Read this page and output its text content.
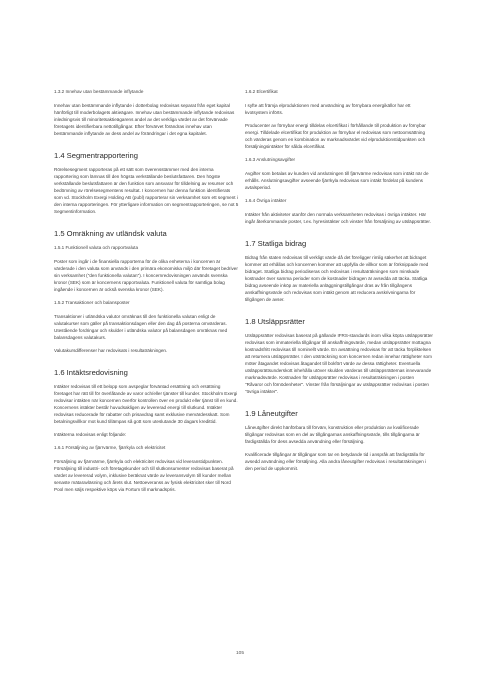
1.3.2 Innehav utan bestämmande inflytande
Innehav utan bestämmande inflytande i dotterbolag redovisas separat från eget kapital hänförligt till moderbolagets aktieägare. Innehav utan bestämmande inflytande redovisas inledningsvis till minoritetsaktieägarens andel av det verkliga värdet av det förvärvade företagets identifierbara nettotillgångar. Efter förvärvet förändras innehav utan bestämmande inflytande av dess andel av förändringar i det egna kapitalet.
1.4 Segmentrapportering
Rörelsesegment rapporteras på ett sätt som överensstämmer med den interna rapportering som lämnas till den högsta verkställande beslutsfattaren. Den högste verkställande beslutsfattaren är den funktion som ansvarar för tilldelning av resurser och bedömning av rörelsesegmentens resultat. I koncernen har denna funktion identifierats som vd. Stockholm Exergi Holding AB (publ) rapporterar sin verksamhet som ett segment i den interna rapporteringen. För ytterligare information om segmentrapporteringen, se not 5 Segmentinformation.
1.5 Omräkning av utländsk valuta
1.5.1 Funktionell valuta och rapportvaluta
Poster som ingår i de finansiella rapporterna för de olika enheterna i koncernen är värderade i den valuta som används i den primära ekonomiska miljö där företaget bedriver sin verksamhet ("den funktionella valutan"). I koncernredovisningen används svenska kronor (SEK) som är koncernens rapportvaluta. Funktionell valuta för samtliga bolag ingående i koncernen är också svenska kronor (SEK).
1.5.2 Transaktioner och balansposter
Transaktioner i utländska valutor omräknas till den funktionella valutan enligt de valutakurser som gäller på transaktionsdagen eller den dag då posterna omvärderas. Utestående fordringar och skulder i utländska valutor på balansdagen omräknas med balansdagens valutakurs.
Valutakursdifferenser har redovisats i resultaträkningen.
1.6 Intäktsredovisning
Intäkter redovisas till ett belopp som avspeglar förväntad ersättning och ersättning företaget har rätt till för överlåtande av varor och/eller tjänster till kunder. Stockholm Exergi redovisar intäkten när koncernen överför kontrollen över en produkt eller tjänst till en kund. Koncernens intäkter består huvudsakligen av levererad energi till slutkund. Intäkter redovisas reducerade för rabatter och prisavdrag samt exklusive mervärdesskatt. Som betalningsvillkor mot kund tillämpas så gott som uteslutande 30 dagars kredittid.
Intäkterna redovisas enligt följande:
1.6.1 Försäljning av fjärrvärme, fjärrkyla och elektricitet
Försäljning av fjärrvärme, fjärrkyla och elektricitet redovisas vid leveranstidpunkten. Försäljning till industri- och företagskunder och till slutkonsumenter redovisas baserat på värdet av levererad volym, inklusive beräknat värde av leveransvolym till kunder mellan senaste mätaravläsning och årets slut. Nettoeveranss av fysisk elektricitet sker till Nord Pool men säljs respektive köps via Fortum till marknadspris.
1.6.2 Elcertifikat
I syfte att främja elproduktionen med användning av förnybara energikällor har ett kvotsystem införts.
Producenter av förnybar energi tilldelas elcertifikat i förhållande till produktion av förnybar energi. Tilldelade elcertifikat för produktion av förnybar el redovisas som nettoomsättning och värderas genom en kombination av marknadsvärdet vid elproduktionstidpunkten och försäljningsintäkter för sålda elcertifikat.
1.6.3 Anslutningsavgifter
Avgifter som betalas av kunden vid anslutningen till fjärrvärme redovisas som intäkt när de erhålls. Anslutningsavgifter avseende fjärrkyla redovisas som intäkt fördelat på kundens avtalsperiod.
1.6.4 Övriga intäkter
Intäkter från aktiviteter utanför den normala verksamheten redovisas i övriga intäkter. Här ingår återkommande poster, t.ex. hyresintäkter och vinster från försäljning av utsläppsrätter.
1.7 Statliga bidrag
Bidrag från staten redovisas till verkligt värde då det föreligger rimlig säkerhet att bidraget kommer att erhållas och koncernen kommer att uppfylla de villkor som är förknippade med bidraget. Statliga bidrag periodiseras och redovisas i resultaträkningen som minskade kostnader över samma perioder som de kostnader bidragen är avsedda att täcka. Statliga bidrag avseende inköp av materiella anläggningstillgångar dras av från tillgångens anskaffningsvärde och redovisas som intäkt genom att reducera avskrivningarna för tillgången de avser.
1.8 Utsläppsrätter
Utsläppsrätter redovisas baserat på gällande IFRS-standards inom vilka köpta utsläppsrätter redovisas som immateriella tillgångar till anskaffningsvärde, medan utsläppsrätter mottagna kostnadsfritt redovisas till nominellt värde. En avsättning redovisas för att täcka förpliktelsen att returnera utsläppsrätter. I den utsträckning som koncernen redan innehar rättigheter som möter åtagandet redovisas åtagandet till bokfört värde av dessa rättigheter. Eventuella utsläppsrättsunderskott inhehålla utöver skulden värderas till utsläppsrätternas innevarande marknadsvärde. Kostnaden för utsläppsrätter redovisas i resultaträkningen i posten "Råvaror och förnödenheter". Vinster från försäljningar av utsläppsrätter redovisas i posten "övriga intäkter".
1.9 Låneutgifter
Låneutgifter direkt hänförbara till förvärv, konstruktion eller produktion av kvalificerade tillgångar redovisas som en del av tillgångarnas anskaffningsvärde, tills tillgångarna är färdigställda för dess avsedda användning eller försäljning.
Kvalificerade tillgångar är tillgångar som tar en betydande tid i anspråk att färdigställa för avsedd användning eller försäljning. Alla andra låneutgifter redovisas i resultaträkningen i den period de uppkommit.
105
